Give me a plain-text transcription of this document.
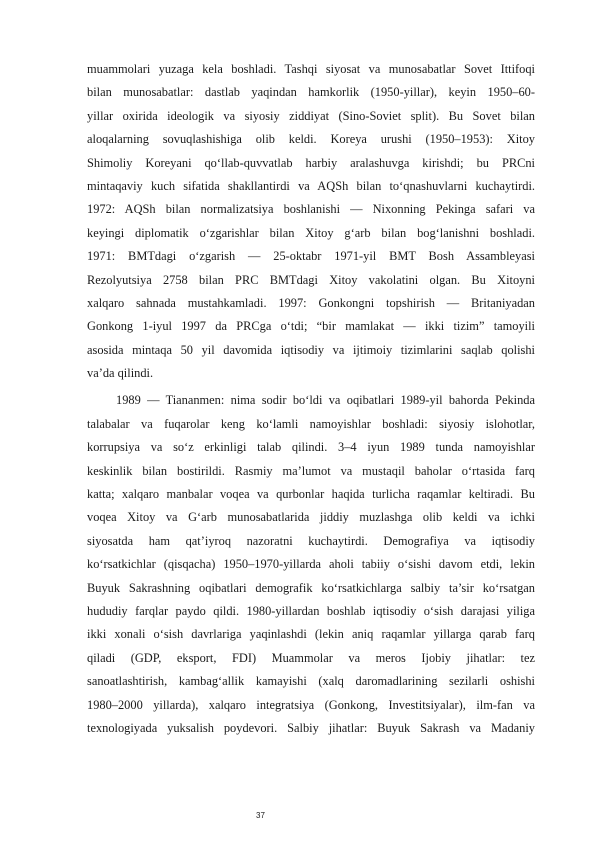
muammolari yuzaga kela boshladi. Tashqi siyosat va munosabatlar Sovet Ittifoqi
bilan munosabatlar: dastlab yaqindan hamkorlik (1950-yillar), keyin 1950–60-
yillar oxirida ideologik va siyosiy ziddiyat (Sino-Soviet split). Bu Sovet bilan
aloqalarning sovuqlashishiga olib keldi. Koreya urushi (1950–1953): Xitoy
Shimoliy Koreyani qo‘llab-quvvatlab harbiy aralashuvga kirishdi; bu PRCni
mintaqaviy kuch sifatida shakllantirdi va AQSh bilan to‘qnashuvlarni kuchaytirdi.
1972: AQSh bilan normalizatsiya boshlanishi — Nixonning Pekinga safari va
keyingi diplomatik o‘zgarishlar bilan Xitoy g‘arb bilan bog‘lanishni boshladi.
1971: BMTdagi o‘zgarish — 25-oktabr 1971-yil BMT Bosh Assambleyasi
Rezolyutsiya 2758 bilan PRC BMTdagi Xitoy vakolatini olgan. Bu Xitoyni
xalqaro sahnada mustahkamladi. 1997: Gonkongni topshirish — Britaniyadan
Gonkong 1-iyul 1997 da PRCga o‘tdi; “bir mamlakat — ikki tizim” tamoyili
asosida mintaqa 50 yil davomida iqtisodiy va ijtimoiy tizimlarini saqlab qolishi
va’da qilindi.
1989 — Tiananmen: nima sodir bo‘ldi va oqibatlari 1989-yil bahorda Pekinda
talabalar va fuqarolar keng ko‘lamli namoyishlar boshladi: siyosiy islohotlar,
korrupsiya va so‘z erkinligi talab qilindi. 3–4 iyun 1989 tunda namoyishlar
keskinlik bilan bostirildi. Rasmiy ma’lumot va mustaqil baholar o‘rtasida farq
katta; xalqaro manbalar voqea va qurbonlar haqida turlicha raqamlar keltiradi. Bu
voqea Xitoy va G‘arb munosabatlarida jiddiy muzlashga olib keldi va ichki
siyosatda ham qat’iyroq nazoratni kuchaytirdi. Demografiya va iqtisodiy
ko‘rsatkichlar (qisqacha) 1950–1970-yillarda aholi tabiiy o‘sishi davom etdi, lekin
Buyuk Sakrashning oqibatlari demografik ko‘rsatkichlarga salbiy ta’sir ko‘rsatgan
hududiy farqlar paydo qildi. 1980-yillardan boshlab iqtisodiy o‘sish darajasi yiliga
ikki xonali o‘sish davrlariga yaqinlashdi (lekin aniq raqamlar yillarga qarab farq
qiladi (GDP, eksport, FDI) Muammolar va meros Ijobiy jihatlar: tez
sanoatlashtirish, kambag‘allik kamayishi (xalq daromadlarining sezilarli oshishi
1980–2000 yillarda), xalqaro integratsiya (Gonkong, Investitsiyalar), ilm-fan va
texnologiyada yuksalish poydevori. Salbiy jihatlar: Buyuk Sakrash va Madaniy
37
